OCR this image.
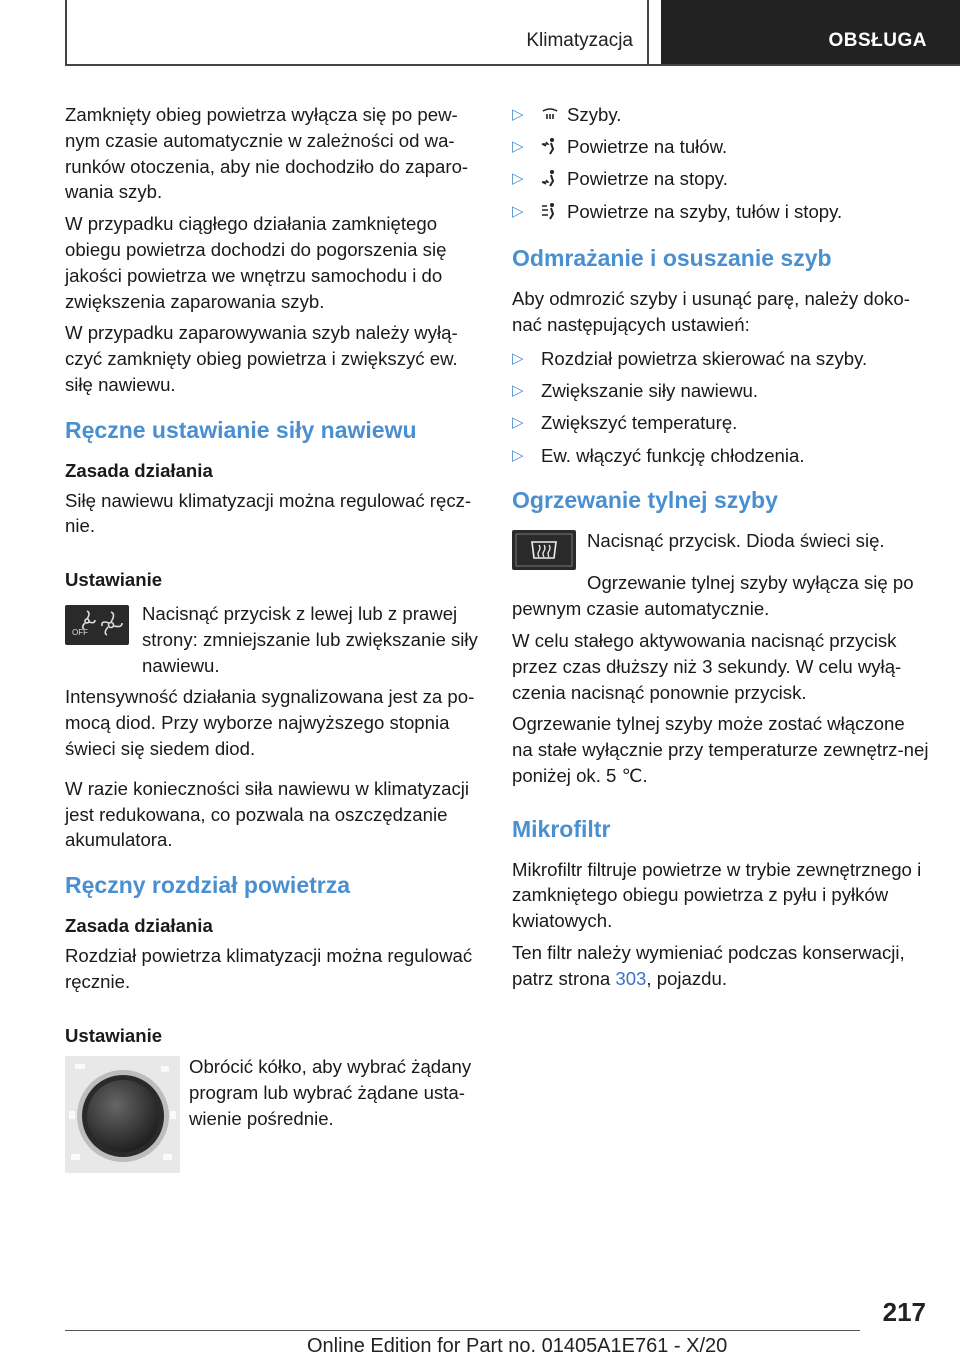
Klimatyzacja	OBSŁUGA

Zamknięty obieg powietrza wyłącza się po pew-nym czasie automatycznie w zależności od wa-runków otoczenia, aby nie dochodziło do zaparo-wania szyb.

W przypadku ciągłego działania zamkniętego obiegu powietrza dochodzi do pogorszenia się jakości powietrza we wnętrzu samochodu i do zwiększenia zaparowania szyb.

W przypadku zaparowywania szyb należy wyłą-czyć zamknięty obieg powietrza i zwiększyć ew. siłę nawiewu.

Ręczne ustawianie siły nawiewu
Zasada działania

Siłę nawiewu klimatyzacji można regulować ręcz-nie.

Ustawianie
OFF
Nacisnąć przycisk z lewej lub z prawej strony: zmniejszanie lub zwiększanie siły nawiewu.

Intensywność działania sygnalizowana jest za po-mocą diod. Przy wyborze najwyższego stopnia świeci się siedem diod.

W razie konieczności siła nawiewu w klimatyzacji jest redukowana, co pozwala na oszczędzanie akumulatora.

Ręczny rozdział powietrza
Zasada działania

Rozdział powietrza klimatyzacji można regulować ręcznie.

Ustawianie
Obrócić kółko, aby wybrać żądany program lub wybrać żądane usta-wienie pośrednie.
▷ Szyby.
▷ Powietrze na tułów.
▷ Powietrze na stopy.
▷ Powietrze na szyby, tułów i stopy.
Odmrażanie i osuszanie szyb

Aby odmrozić szyby i usunąć parę, należy doko-nać następujących ustawień:

▷ Rozdział powietrza skierować na szyby.
▷ Zwiększanie siły nawiewu.
▷ Zwiększyć temperaturę.
▷ Ew. włączyć funkcję chłodzenia.
Ogrzewanie tylnej szyby

Nacisnąć przycisk. Dioda świeci się.

Ogrzewanie tylnej szyby wyłącza się po pewnym czasie automatycznie.

W celu stałego aktywowania nacisnąć przycisk przez czas dłuższy niż 3 sekundy. W celu wyłą-czenia nacisnąć ponownie przycisk.

Ogrzewanie tylnej szyby może zostać włączone na stałe wyłącznie przy temperaturze zewnętrz-nej poniżej ok. 5 ℃.

Mikrofiltr

Mikrofiltr filtruje powietrze w trybie zewnętrznego i zamkniętego obiegu powietrza z pyłu i pyłków kwiatowych.

Ten filtr należy wymieniać podczas konserwacji, patrz strona 303, pojazdu.

217
Online Edition for Part no. 01405A1E761 - X/20
